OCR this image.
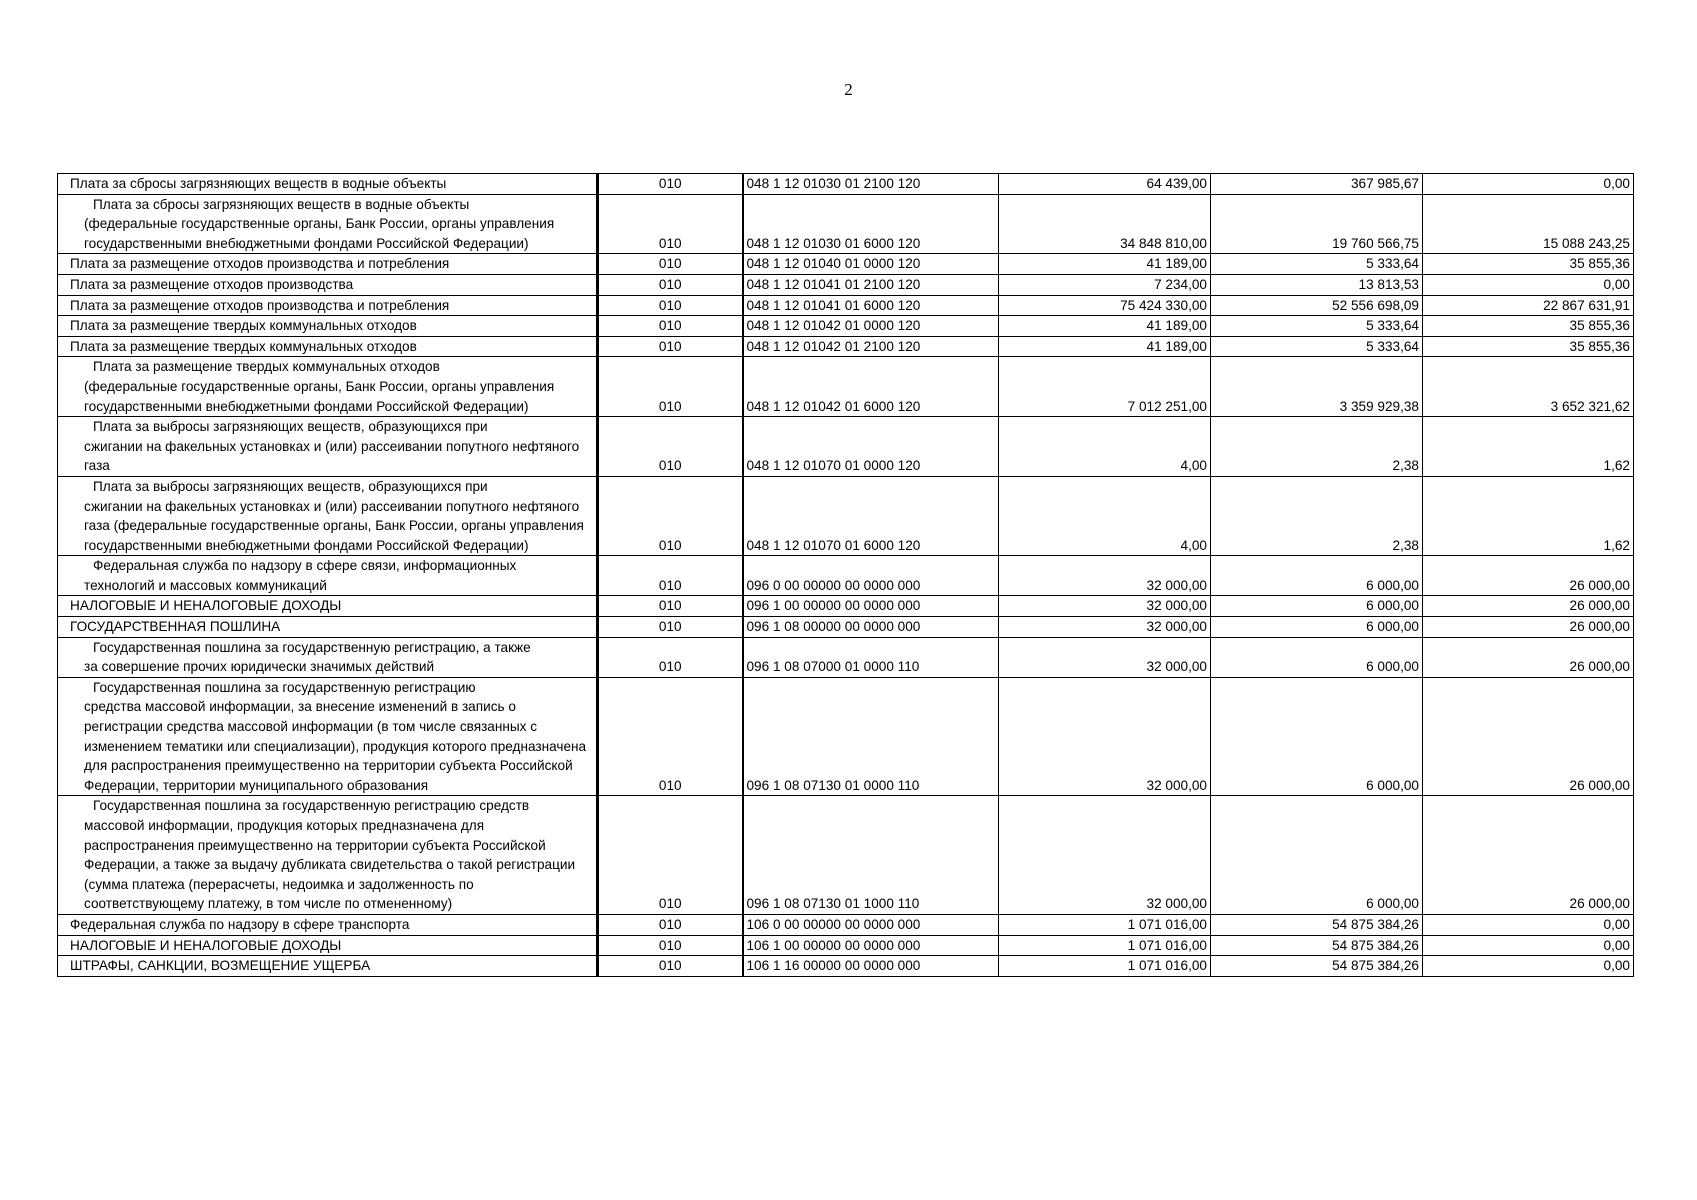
2
Плата за сбросы загрязняющих веществ в водные объекты	010	048 1 12 01030 01 2100 120	64 439,00	367 985,67	0,00

Плата за сбросы загрязняющих веществ в водные объекты
(федеральные государственные органы, Банк России, органы управления государственными внебюджетными фондами Российской Федерации)	010	048 1 12 01030 01 6000 120	34 848 810,00	19 760 566,75	15 088 243,25

Плата за размещение отходов производства и потребления	010	048 1 12 01040 01 0000 120	41 189,00	5 333,64	35 855,36

Плата за размещение отходов производства	010	048 1 12 01041 01 2100 120	7 234,00	13 813,53	0,00

Плата за размещение отходов производства и потребления	010	048 1 12 01041 01 6000 120	75 424 330,00	52 556 698,09	22 867 631,91

Плата за размещение твердых коммунальных отходов	010	048 1 12 01042 01 0000 120	41 189,00	5 333,64	35 855,36

Плата за размещение твердых коммунальных отходов	010	048 1 12 01042 01 2100 120	41 189,00	5 333,64	35 855,36

Плата за размещение твердых коммунальных отходов
(федеральные государственные органы, Банк России, органы управления государственными внебюджетными фондами Российской Федерации)	010	048 1 12 01042 01 6000 120	7 012 251,00	3 359 929,38	3 652 321,62

Плата за выбросы загрязняющих веществ, образующихся при
сжигании на факельных установках и (или) рассеивании попутного нефтяного газа	010	048 1 12 01070 01 0000 120	4,00	2,38	1,62

Плата за выбросы загрязняющих веществ, образующихся при
сжигании на факельных установках и (или) рассеивании попутного нефтяного газа (федеральные государственные органы, Банк России, органы управления государственными внебюджетными фондами Российской Федерации)	010	048 1 12 01070 01 6000 120	4,00	2,38	1,62

Федеральная служба по надзору в сфере связи, информационных
технологий и массовых коммуникаций	010	096 0 00 00000 00 0000 000	32 000,00	6 000,00	26 000,00

НАЛОГОВЫЕ И НЕНАЛОГОВЫЕ ДОХОДЫ	010	096 1 00 00000 00 0000 000	32 000,00	6 000,00	26 000,00

ГОСУДАРСТВЕННАЯ ПОШЛИНА	010	096 1 08 00000 00 0000 000	32 000,00	6 000,00	26 000,00

Государственная пошлина за государственную регистрацию, а также
за совершение прочих юридически значимых действий	010	096 1 08 07000 01 0000 110	32 000,00	6 000,00	26 000,00

Государственная пошлина за государственную регистрацию
средства массовой информации, за внесение изменений в запись о регистрации средства массовой информации (в том числе связанных с изменением тематики или специализации), продукция которого предназначена для распространения преимущественно на территории субъекта Российской Федерации, территории муниципального образования	010	096 1 08 07130 01 0000 110	32 000,00	6 000,00	26 000,00

Государственная пошлина за государственную регистрацию средств
массовой информации, продукция которых предназначена для распространения преимущественно на территории субъекта Российской Федерации, а также за выдачу дубликата свидетельства о такой регистрации (сумма платежа (перерасчеты, недоимка и задолженность по соответствующему платежу, в том числе по отмененному)	010	096 1 08 07130 01 1000 110	32 000,00	6 000,00	26 000,00

Федеральная служба по надзору в сфере транспорта	010	106 0 00 00000 00 0000 000	1 071 016,00	54 875 384,26	0,00

НАЛОГОВЫЕ И НЕНАЛОГОВЫЕ ДОХОДЫ	010	106 1 00 00000 00 0000 000	1 071 016,00	54 875 384,26	0,00

ШТРАФЫ, САНКЦИИ, ВОЗМЕЩЕНИЕ УЩЕРБА	010	106 1 16 00000 00 0000 000	1 071 016,00	54 875 384,26	0,00
